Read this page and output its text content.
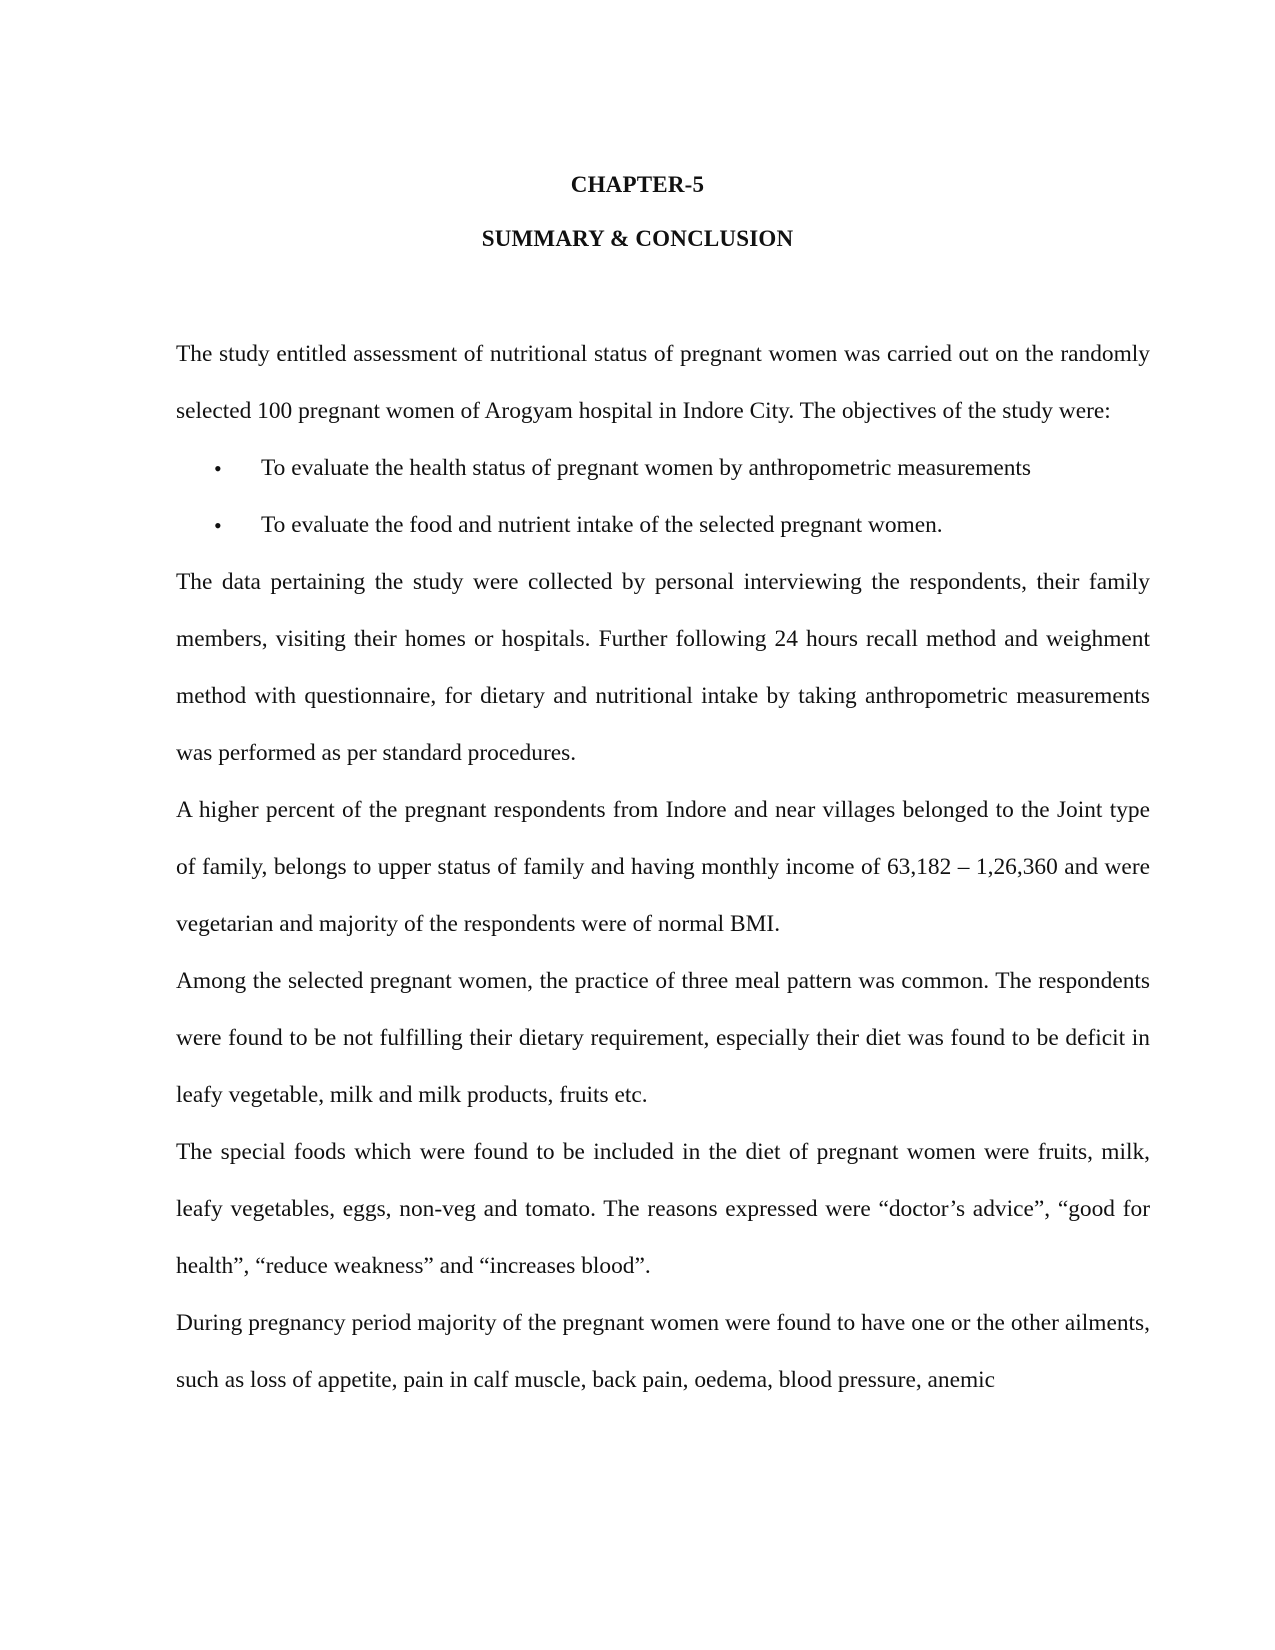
CHAPTER-5
SUMMARY & CONCLUSION

The study entitled assessment of nutritional status of pregnant women was carried out on the randomly selected 100 pregnant women of Arogyam hospital in Indore City. The objectives of the study were:

• To evaluate the health status of pregnant women by anthropometric measurements
• To evaluate the food and nutrient intake of the selected pregnant women.

The data pertaining the study were collected by personal interviewing the respondents, their family members, visiting their homes or hospitals. Further following 24 hours recall method and weighment method with questionnaire, for dietary and nutritional intake by taking anthropometric measurements was performed as per standard procedures.

A higher percent of the pregnant respondents from Indore and near villages belonged to the Joint type of family, belongs to upper status of family and having monthly income of 63,182 – 1,26,360 and were vegetarian and majority of the respondents were of normal BMI.

Among the selected pregnant women, the practice of three meal pattern was common. The respondents were found to be not fulfilling their dietary requirement, especially their diet was found to be deficit in leafy vegetable, milk and milk products, fruits etc.

The special foods which were found to be included in the diet of pregnant women were fruits, milk, leafy vegetables, eggs, non-veg and tomato. The reasons expressed were “doctor’s advice”, “good for health”, “reduce weakness” and “increases blood”.

During pregnancy period majority of the pregnant women were found to have one or the other ailments, such as loss of appetite, pain in calf muscle, back pain, oedema, blood pressure, anemic
